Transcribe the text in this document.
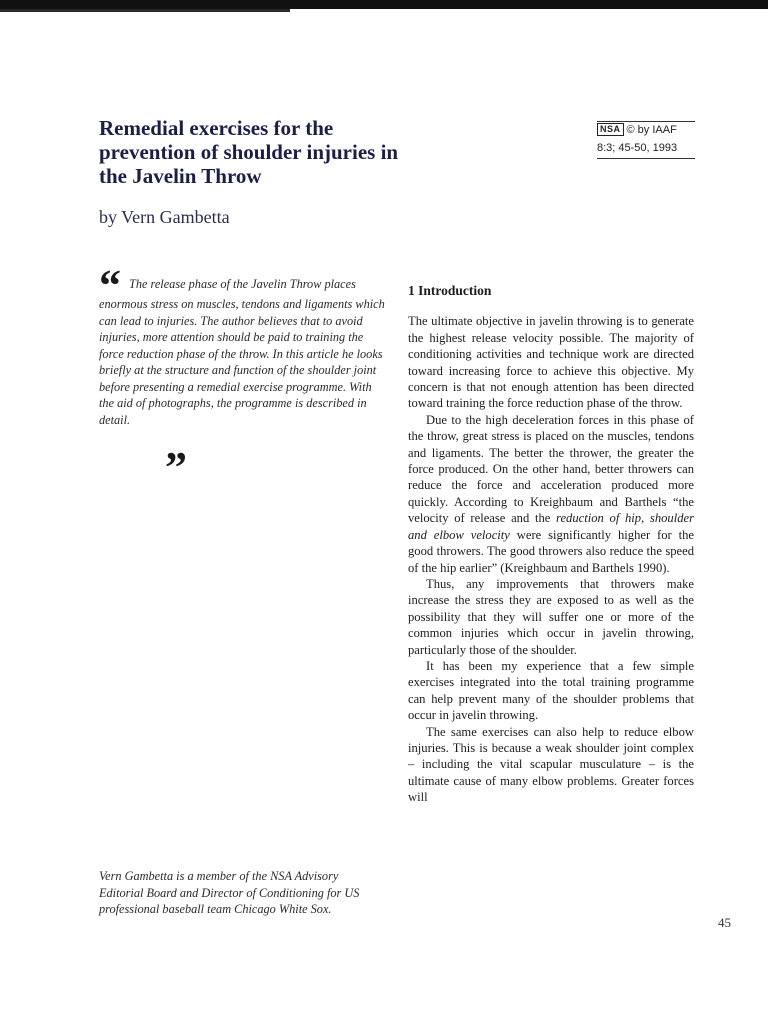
Remedial exercises for the prevention of shoulder injuries in the Javelin Throw
by Vern Gambetta
NSA © by IAAF
8:3; 45-50, 1993
“ The release phase of the Javelin Throw places enormous stress on muscles, tendons and ligaments which can lead to injuries. The author believes that to avoid injuries, more attention should be paid to training the force reduction phase of the throw. In this article he looks briefly at the structure and function of the shoulder joint before presenting a remedial exercise programme. With the aid of photographs, the programme is described in detail.
”
Vern Gambetta is a member of the NSA Advisory Editorial Board and Director of Conditioning for US professional baseball team Chicago White Sox.
1 Introduction

The ultimate objective in javelin throwing is to generate the highest release velocity possible. The majority of conditioning activities and technique work are directed toward increasing force to achieve this objective. My concern is that not enough attention has been directed toward training the force reduction phase of the throw.

Due to the high deceleration forces in this phase of the throw, great stress is placed on the muscles, tendons and ligaments. The better the thrower, the greater the force produced. On the other hand, better throwers can reduce the force and acceleration produced more quickly. According to Kreighbaum and Barthels “the velocity of release and the reduction of hip, shoulder and elbow velocity were significantly higher for the good throwers. The good throwers also reduce the speed of the hip earlier” (Kreighbaum and Barthels 1990).

Thus, any improvements that throwers make increase the stress they are exposed to as well as the possibility that they will suffer one or more of the common injuries which occur in javelin throwing, particularly those of the shoulder.

It has been my experience that a few simple exercises integrated into the total training programme can help prevent many of the shoulder problems that occur in javelin throwing.

The same exercises can also help to reduce elbow injuries. This is because a weak shoulder joint complex – including the vital scapular musculature – is the ultimate cause of many elbow problems. Greater forces will

45
